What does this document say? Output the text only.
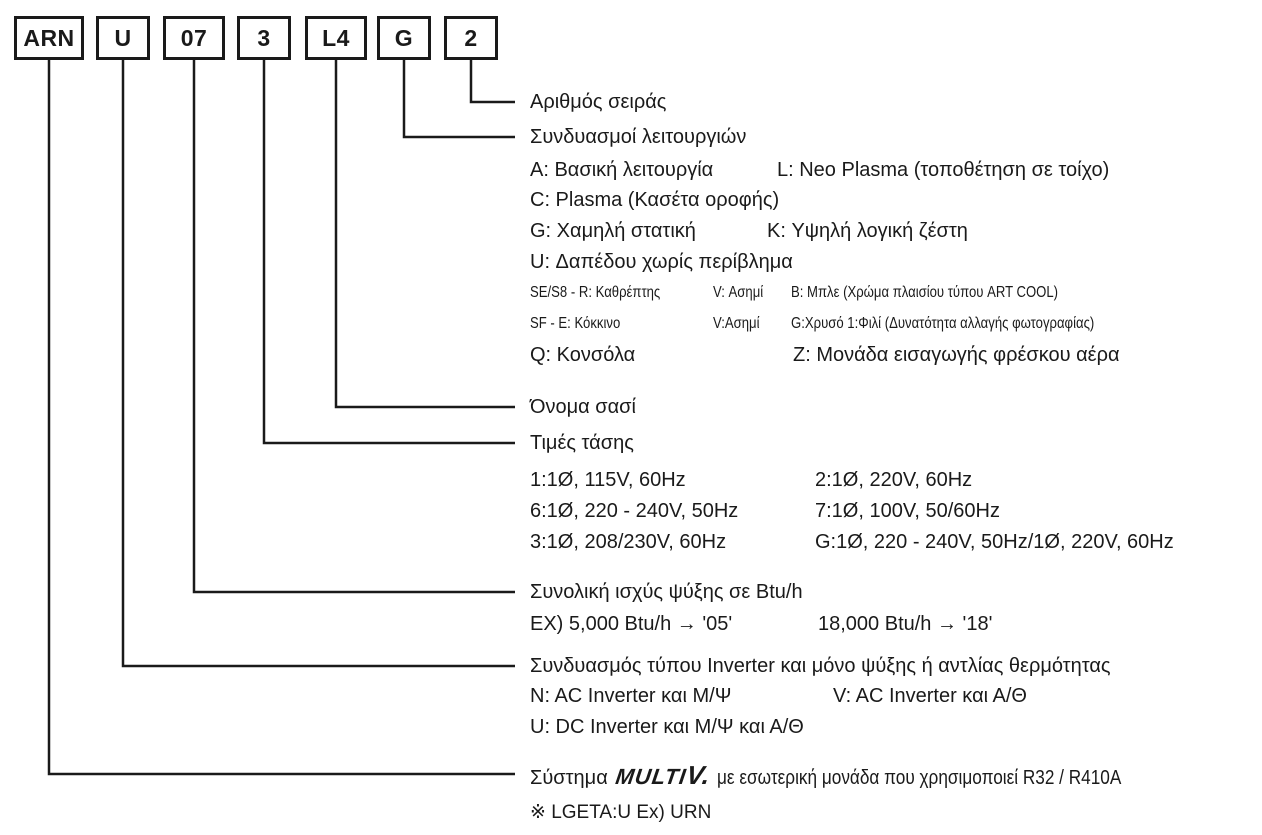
ARN	U	07	3	L4	G	2
Αριθμός σειράς
Συνδυασμοί λειτουργιών
A: Βασική λειτουργία	L: Neo Plasma (τοποθέτηση σε τοίχο)
C: Plasma (Κασέτα οροφής)
G: Χαμηλή στατική	K: Υψηλή λογική ζέστη
U: Δαπέδου χωρίς περίβλημα
SE/S8 - R: Καθρέπτης	V: Ασημί B: Μπλε (Χρώμα πλαισίου τύπου ART COOL)
SF - E: Κόκκινο	V:Ασημί G:Χρυσό 1:Φιλί (Δυνατότητα αλλαγής φωτογραφίας)
Q: Κονσόλα	Z: Μονάδα εισαγωγής φρέσκου αέρα
Όνομα σασί
Τιμές τάσης
1:1Ø, 115V, 60Hz	2:1Ø, 220V, 60Hz
6:1Ø, 220 - 240V, 50Hz	7:1Ø, 100V, 50/60Hz
3:1Ø, 208/230V, 60Hz	G:1Ø, 220 - 240V, 50Hz/1Ø, 220V, 60Hz
Συνολική ισχύς ψύξης σε Btu/h
EX) 5,000 Btu/h → '05'	18,000 Btu/h → '18'
Συνδυασμός τύπου Inverter και μόνο ψύξης ή αντλίας θερμότητας
N: AC Inverter και Μ/Ψ	V: AC Inverter και Α/Θ
U: DC Inverter και Μ/Ψ και Α/Θ
Σύστημα MULTIV. με εσωτερική μονάδα που χρησιμοποιεί R32 / R410A
※ LGETA:U Ex) URN
